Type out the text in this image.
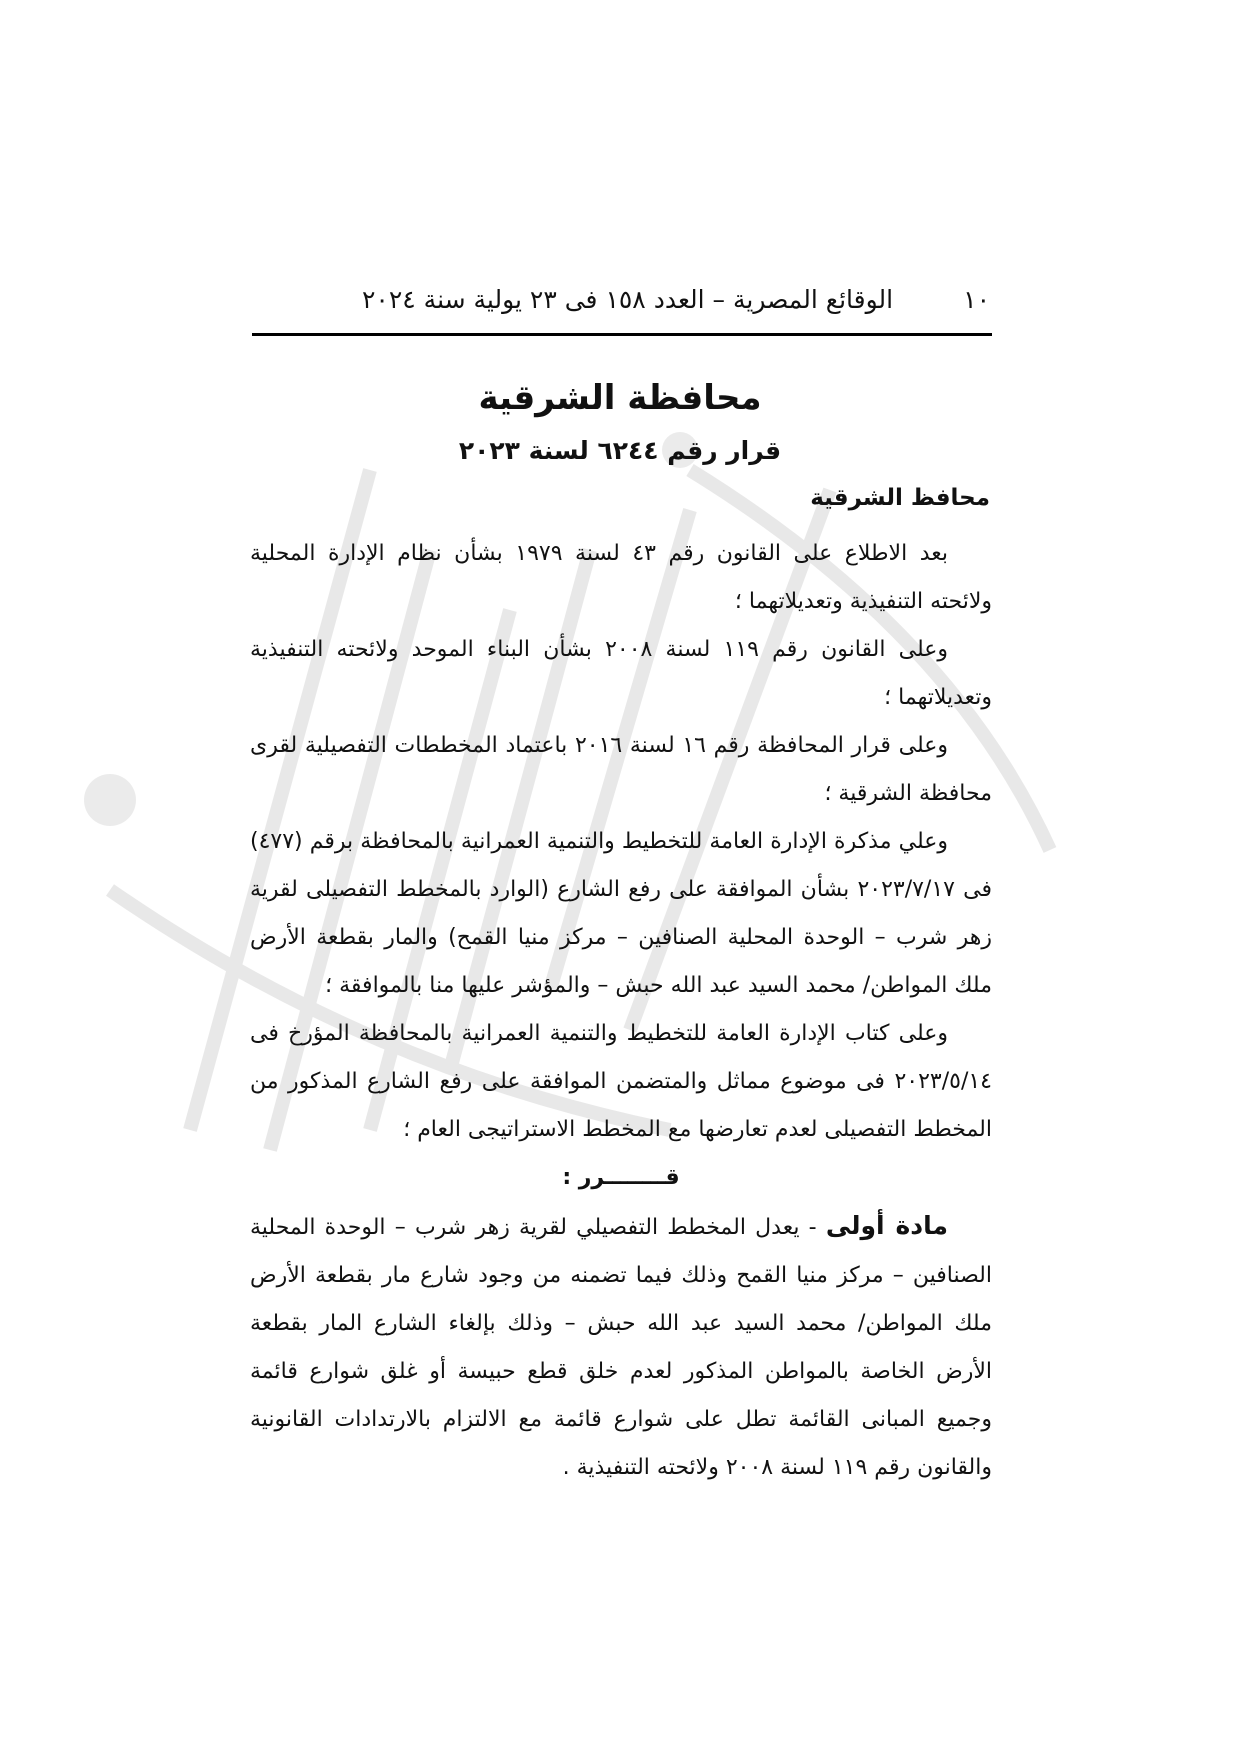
الوقائع المصرية – العدد ١٥٨ فى ٢٣ يولية سنة ٢٠٢٤	١٠
محافظة الشرقية
قرار رقم ٦٢٤٤ لسنة ٢٠٢٣
محافظ الشرقية

بعد الاطلاع على القانون رقم ٤٣ لسنة ١٩٧٩ بشأن نظام الإدارة المحلية ولائحته التنفيذية وتعديلاتهما ؛

وعلى القانون رقم ١١٩ لسنة ٢٠٠٨ بشأن البناء الموحد ولائحته التنفيذية وتعديلاتهما ؛

وعلى قرار المحافظة رقم ١٦ لسنة ٢٠١٦ باعتماد المخططات التفصيلية لقرى محافظة الشرقية ؛

وعلي مذكرة الإدارة العامة للتخطيط والتنمية العمرانية بالمحافظة برقم (٤٧٧) فى ٢٠٢٣/٧/١٧ بشأن الموافقة على رفع الشارع (الوارد بالمخطط التفصيلى لقرية زهر شرب – الوحدة المحلية الصنافين – مركز منيا القمح) والمار بقطعة الأرض ملك المواطن/ محمد السيد عبد الله حبش – والمؤشر عليها منا بالموافقة ؛

وعلى كتاب الإدارة العامة للتخطيط والتنمية العمرانية بالمحافظة المؤرخ فى ٢٠٢٣/٥/١٤ فى موضوع مماثل والمتضمن الموافقة على رفع الشارع المذكور من المخطط التفصيلى لعدم تعارضها مع المخطط الاستراتيجى العام ؛

قــــــــرر :

مادة أولى - يعدل المخطط التفصيلي لقرية زهر شرب – الوحدة المحلية الصنافين – مركز منيا القمح وذلك فيما تضمنه من وجود شارع مار بقطعة الأرض ملك المواطن/ محمد السيد عبد الله حبش – وذلك بإلغاء الشارع المار بقطعة الأرض الخاصة بالمواطن المذكور لعدم خلق قطع حبيسة أو غلق شوارع قائمة وجميع المبانى القائمة تطل على شوارع قائمة مع الالتزام بالارتدادات القانونية والقانون رقم ١١٩ لسنة ٢٠٠٨ ولائحته التنفيذية .
